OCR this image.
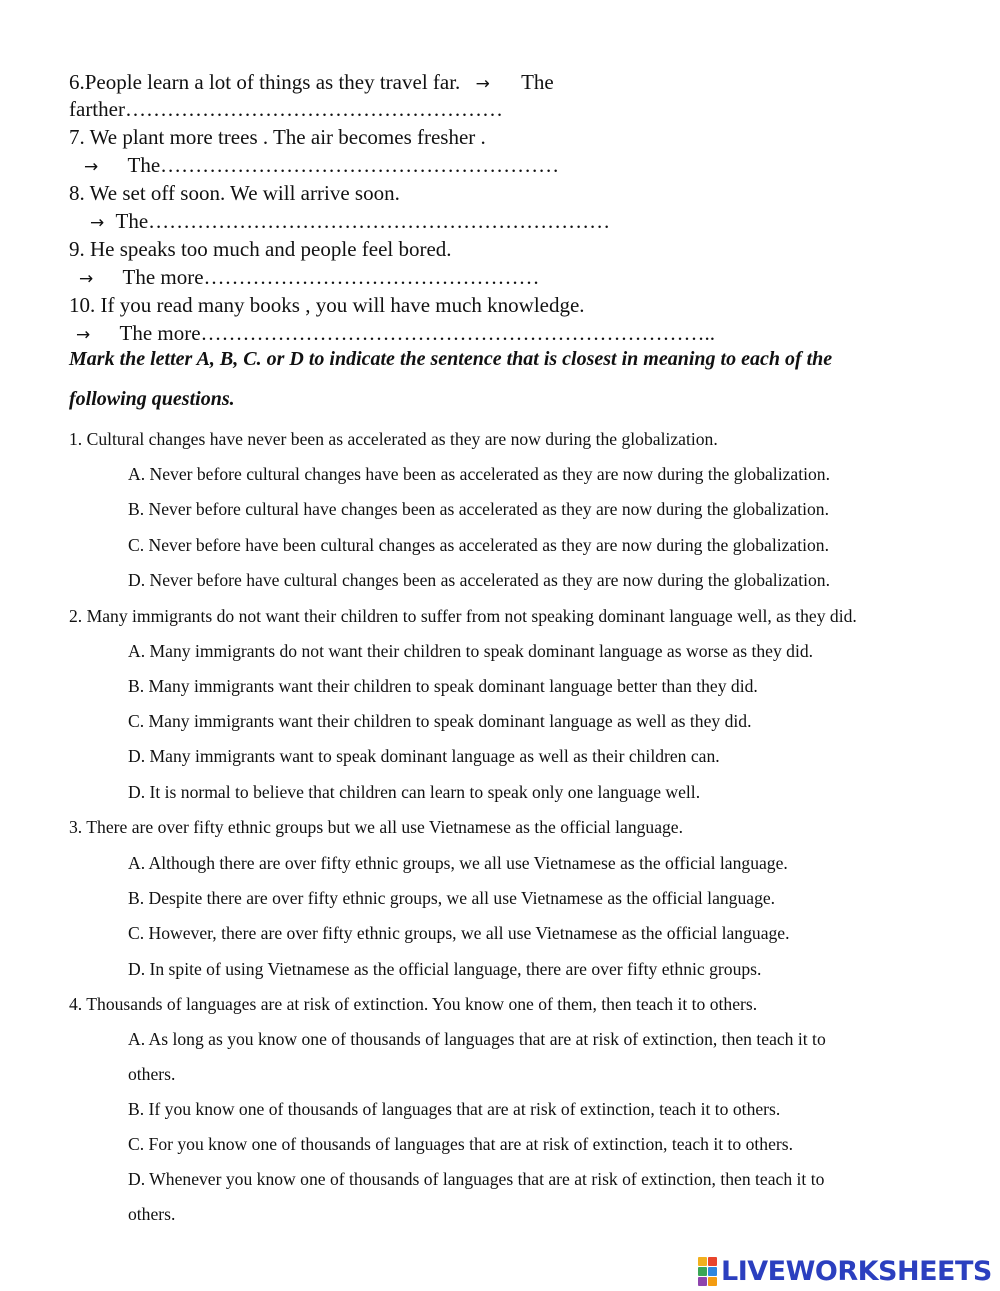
6.People learn a lot of things as they travel far. → The
farther………………………………………………
7. We plant more trees . The air becomes fresher .
→ The…………………………………………………
8. We set off soon. We will arrive soon.
→ The…………………………………………………………
9. He speaks too much and people feel bored.
→ The more…………………………………………
10. If you read many books , you will have much knowledge.
→ The more………………………………………………………………..
Mark the letter A, B, C. or D to indicate the sentence that is closest in meaning to each of the
following questions.
1. Cultural changes have never been as accelerated as they are now during the globalization.
A. Never before cultural changes have been as accelerated as they are now during the globalization.
B. Never before cultural have changes been as accelerated as they are now during the globalization.
C. Never before have been cultural changes as accelerated as they are now during the globalization.
D. Never before have cultural changes been as accelerated as they are now during the globalization.
2. Many immigrants do not want their children to suffer from not speaking dominant language well, as they did.
A. Many immigrants do not want their children to speak dominant language as worse as they did.
B. Many immigrants want their children to speak dominant language better than they did.
C. Many immigrants want their children to speak dominant language as well as they did.
D. Many immigrants want to speak dominant language as well as their children can.
D. It is normal to believe that children can learn to speak only one language well.
3. There are over fifty ethnic groups but we all use Vietnamese as the official language.
A. Although there are over fifty ethnic groups, we all use Vietnamese as the official language.
B. Despite there are over fifty ethnic groups, we all use Vietnamese as the official language.
C. However, there are over fifty ethnic groups, we all use Vietnamese as the official language.
D. In spite of using Vietnamese as the official language, there are over fifty ethnic groups.
4. Thousands of languages are at risk of extinction. You know one of them, then teach it to others.
A. As long as you know one of thousands of languages that are at risk of extinction, then teach it to
others.
B. If you know one of thousands of languages that are at risk of extinction, teach it to others.
C. For you know one of thousands of languages that are at risk of extinction, teach it to others.
D. Whenever you know one of thousands of languages that are at risk of extinction, then teach it to
others.
LIVEWORKSHEETS
